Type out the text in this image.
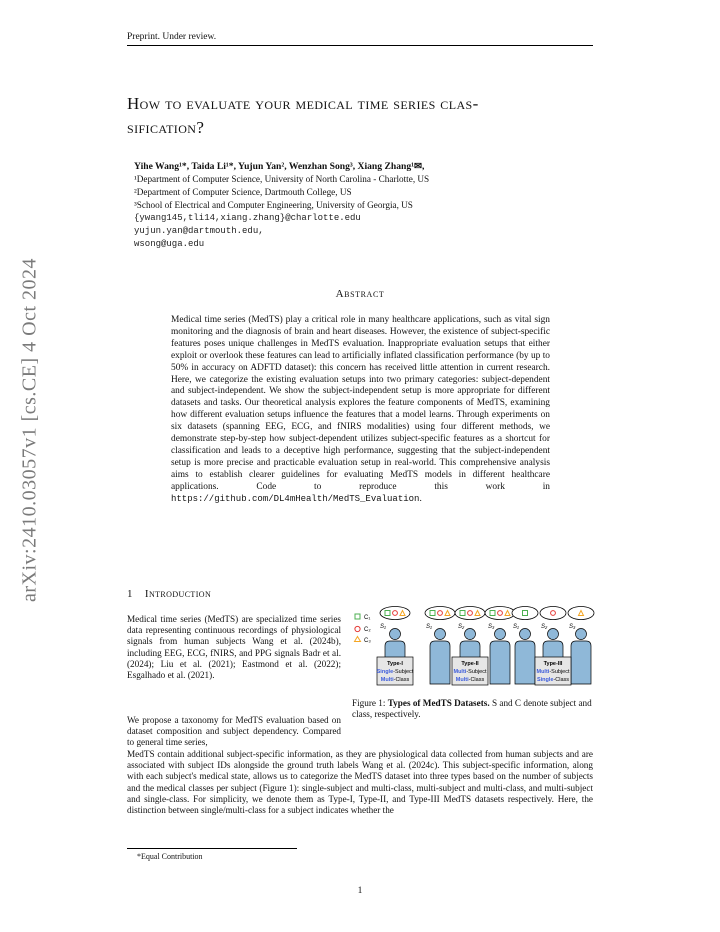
Preprint. Under review.
arXiv:2410.03057v1 [cs.CE] 4 Oct 2024
How to evaluate your medical time series clas-
sification?
Yihe Wang¹*, Taida Li¹*, Yujun Yan², Wenzhan Song³, Xiang Zhang¹✉,
¹Department of Computer Science, University of North Carolina - Charlotte, US
²Department of Computer Science, Dartmouth College, US
³School of Electrical and Computer Engineering, University of Georgia, US
{ywang145,tli14,xiang.zhang}@charlotte.edu
yujun.yan@dartmouth.edu,
wsong@uga.edu
Abstract
Medical time series (MedTS) play a critical role in many healthcare applications, such as vital sign monitoring and the diagnosis of brain and heart diseases. However, the existence of subject-specific features poses unique challenges in MedTS evaluation. Inappropriate evaluation setups that either exploit or overlook these features can lead to artificially inflated classification performance (by up to 50% in accuracy on ADFTD dataset): this concern has received little attention in current research. Here, we categorize the existing evaluation setups into two primary categories: subject-dependent and subject-independent. We show the subject-independent setup is more appropriate for different datasets and tasks. Our theoretical analysis explores the feature components of MedTS, examining how different evaluation setups influence the features that a model learns. Through experiments on six datasets (spanning EEG, ECG, and fNIRS modalities) using four different methods, we demonstrate step-by-step how subject-dependent utilizes subject-specific features as a shortcut for classification and leads to a deceptive high performance, suggesting that the subject-independent setup is more precise and practicable evaluation setup in real-world. This comprehensive analysis aims to establish clearer guidelines for evaluating MedTS models in different healthcare applications. Code to reproduce this work in https://github.com/DL4mHealth/MedTS_Evaluation.
1 Introduction
Medical time series (MedTS) are specialized time series data representing continuous recordings of physiological signals from human subjects Wang et al. (2024b), including EEG, ECG, fNIRS, and PPG signals Badr et al. (2024); Liu et al. (2021); Eastmond et al. (2022); Esgalhado et al. (2021).
We propose a taxonomy for MedTS evaluation based on dataset composition and subject dependency. Compared to general time series,
MedTS contain additional subject-specific information, as they are physiological data collected from human subjects and are associated with subject IDs alongside the ground truth labels Wang et al. (2024c). This subject-specific information, along with each subject's medical state, allows us to categorize the MedTS dataset into three types based on the number of subjects and the medical classes per subject (Figure 1): single-subject and multi-class, multi-subject and multi-class, and multi-subject and single-class. For simplicity, we denote them as Type-I, Type-II, and Type-III MedTS datasets respectively. Here, the distinction between single/multi-class for a subject indicates whether the
C₁
C₂
C₃
S₁
Type-I
Single-Subject
Multi-Class
S₁	S₂	S₃
Type-II
Multi-Subject
Multi-Class
S₁	S₂	S₃
Type-III
Multi-Subject
Single-Class
Figure 1: Types of MedTS Datasets. S and C denote subject and class, respectively.
*Equal Contribution
1
